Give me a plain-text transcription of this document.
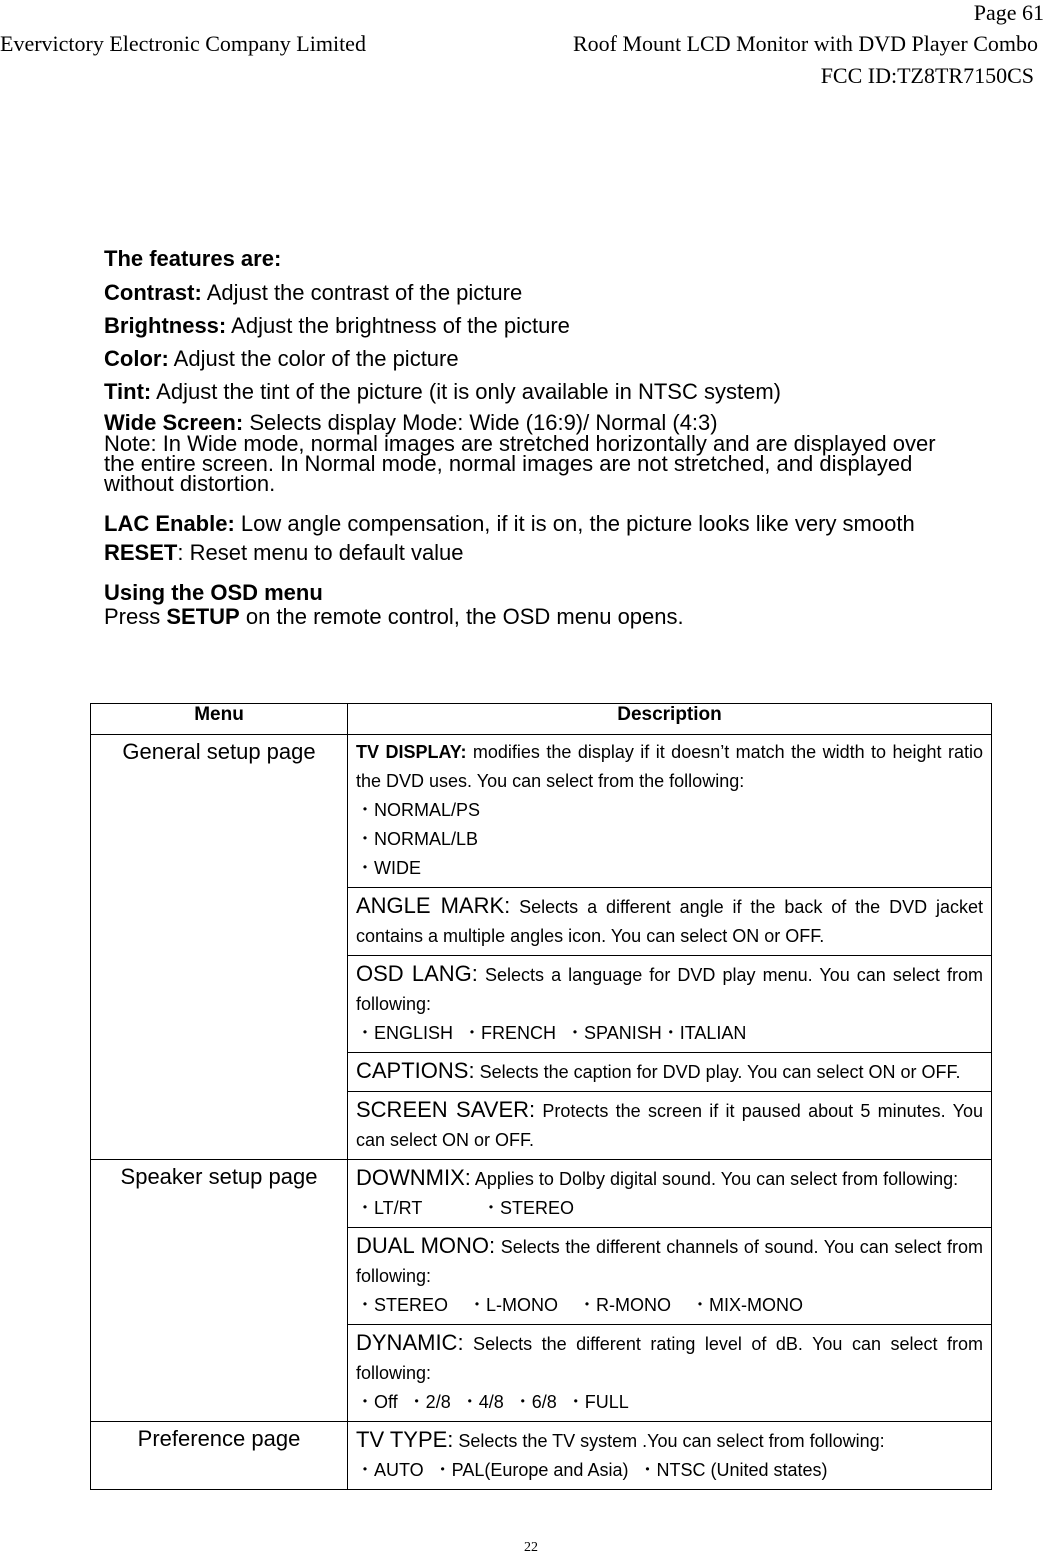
Page 61
Evervictory Electronic Company Limited	Roof Mount LCD Monitor with DVD Player Combo
FCC ID:TZ8TR7150CS

The features are:

Contrast: Adjust the contrast of the picture

Brightness: Adjust the brightness of the picture

Color: Adjust the color of the picture

Tint: Adjust the tint of the picture (it is only available in NTSC system)

Wide Screen: Selects display Mode: Wide (16:9)/ Normal (4:3)

Note: In Wide mode, normal images are stretched horizontally and are displayed over the entire screen. In Normal mode, normal images are not stretched, and displayed without distortion.

LAC Enable: Low angle compensation, if it is on, the picture looks like very smooth

RESET: Reset menu to default value

Using the OSD menu

Press SETUP on the remote control, the OSD menu opens.

Menu	Description
General setup page	TV DISPLAY: modifies the display if it doesn’t match the width to height ratio the DVD uses. You can select from the following:
・NORMAL/PS
・NORMAL/LB
・WIDE

	ANGLE MARK: Selects a different angle if the back of the DVD jacket contains a multiple angles icon. You can select ON or OFF.
	OSD LANG: Selects a language for DVD play menu. You can select from following:
・ENGLISH  ・FRENCH  ・SPANISH・ITALIAN

	CAPTIONS: Selects the caption for DVD play. You can select ON or OFF.
	SCREEN SAVER: Protects the screen if it paused about 5 minutes. You can select ON or OFF.
Speaker setup page	DOWNMIX: Applies to Dolby digital sound. You can select from following:
・LT/RT            ・STEREO

	DUAL MONO: Selects the different channels of sound. You can select from following:
・STEREO    ・L-MONO    ・R-MONO    ・MIX-MONO

	DYNAMIC: Selects the different rating level of dB. You can select from following:
・Off  ・2/8  ・4/8  ・6/8  ・FULL

Preference page	TV TYPE: Selects the TV system .You can select from following:
・AUTO  ・PAL(Europe and Asia)  ・NTSC (United states)
22
